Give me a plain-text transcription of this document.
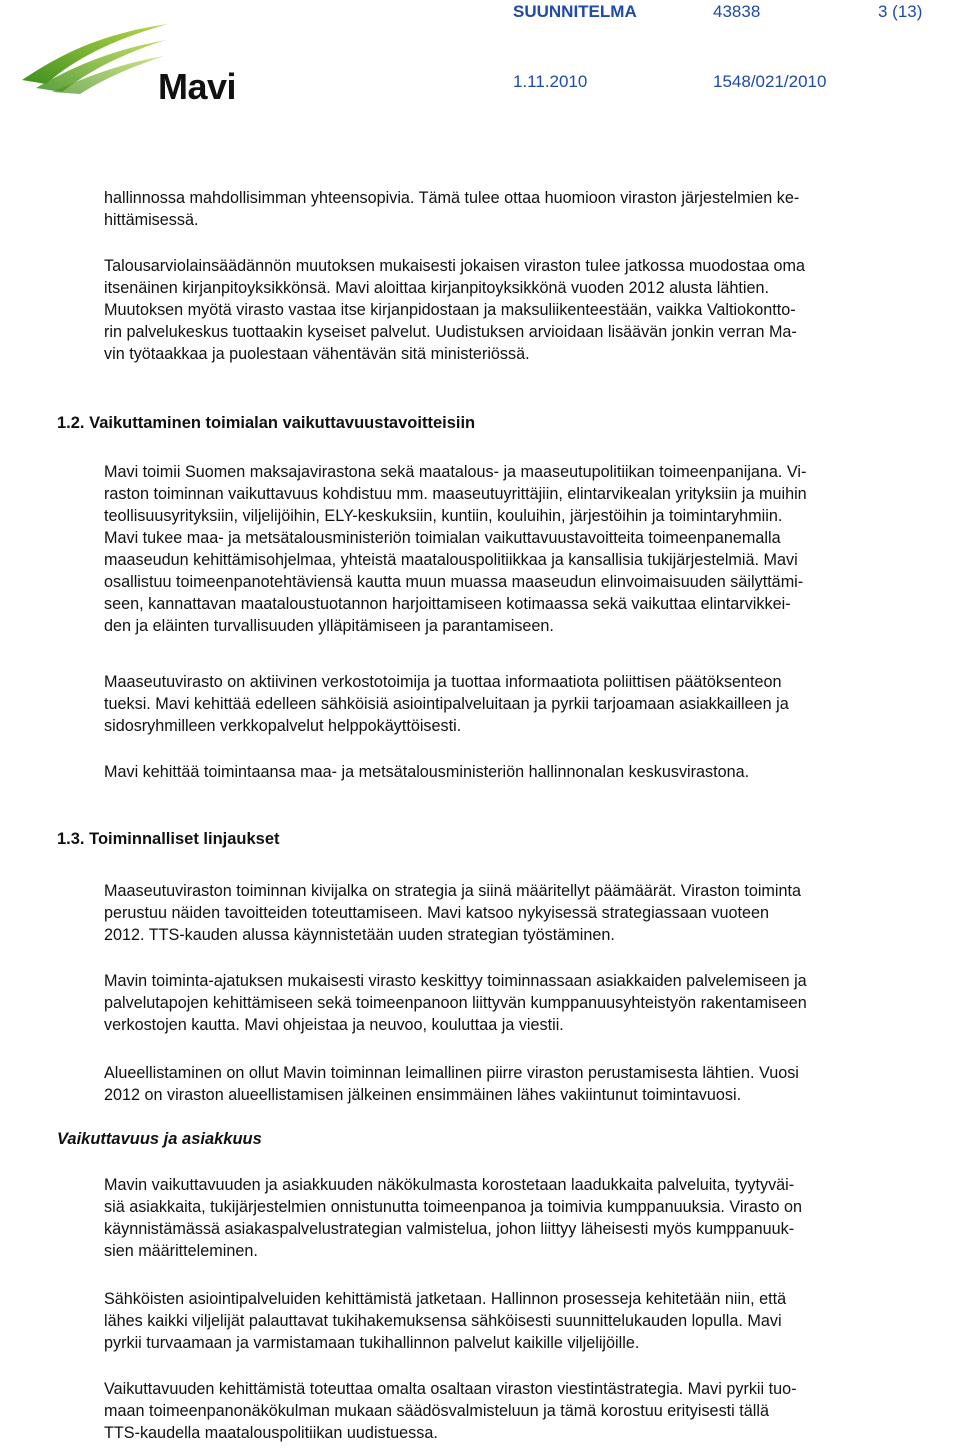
Mavi
SUUNNITELMA	43838	3 (13)
1.11.2010	1548/021/2010

hallinnossa mahdollisimman yhteensopivia. Tämä tulee ottaa huomioon viraston järjestelmien ke-
hittämisessä.

Talousarviolainsäädännön muutoksen mukaisesti jokaisen viraston tulee jatkossa muodostaa oma
itsenäinen kirjanpitoyksikkönsä. Mavi aloittaa kirjanpitoyksikkönä vuoden 2012 alusta lähtien.
Muutoksen myötä virasto vastaa itse kirjanpidostaan ja maksuliikenteestään, vaikka Valtiokontto-
rin palvelukeskus tuottaakin kyseiset palvelut. Uudistuksen arvioidaan lisäävän jonkin verran Ma-
vin työtaakkaa ja puolestaan vähentävän sitä ministeriössä.

1.2. Vaikuttaminen toimialan vaikuttavuustavoitteisiin

Mavi toimii Suomen maksajavirastona sekä maatalous- ja maaseutupolitiikan toimeenpanijana. Vi-
raston toiminnan vaikuttavuus kohdistuu mm. maaseutuyrittäjiin, elintarvikealan yrityksiin ja muihin
teollisuusyrityksiin, viljelijöihin, ELY-keskuksiin, kuntiin, kouluihin, järjestöihin ja toimintaryhmiin.
Mavi tukee maa- ja metsätalousministeriön toimialan vaikuttavuustavoitteita toimeenpanemalla
maaseudun kehittämisohjelmaa, yhteistä maatalouspolitiikkaa ja kansallisia tukijärjestelmiä. Mavi
osallistuu toimeenpanotehtäviensä kautta muun muassa maaseudun elinvoimaisuuden säilyttämi-
seen, kannattavan maataloustuotannon harjoittamiseen kotimaassa sekä vaikuttaa elintarvikkei-
den ja eläinten turvallisuuden ylläpitämiseen ja parantamiseen.

Maaseutuvirasto on aktiivinen verkostotoimija ja tuottaa informaatiota poliittisen päätöksenteon
tueksi. Mavi kehittää edelleen sähköisiä asiointipalveluitaan ja pyrkii tarjoamaan asiakkailleen ja
sidosryhmilleen verkkopalvelut helppokäyttöisesti.

Mavi kehittää toimintaansa maa- ja metsätalousministeriön hallinnonalan keskusvirastona.

1.3. Toiminnalliset linjaukset

Maaseutuviraston toiminnan kivijalka on strategia ja siinä määritellyt päämäärät. Viraston toiminta
perustuu näiden tavoitteiden toteuttamiseen. Mavi katsoo nykyisessä strategiassaan vuoteen
2012. TTS-kauden alussa käynnistetään uuden strategian työstäminen.

Mavin toiminta-ajatuksen mukaisesti virasto keskittyy toiminnassaan asiakkaiden palvelemiseen ja
palvelutapojen kehittämiseen sekä toimeenpanoon liittyvän kumppanuusyhteistyön rakentamiseen
verkostojen kautta. Mavi ohjeistaa ja neuvoo, kouluttaa ja viestii.

Alueellistaminen on ollut Mavin toiminnan leimallinen piirre viraston perustamisesta lähtien. Vuosi
2012 on viraston alueellistamisen jälkeinen ensimmäinen lähes vakiintunut toimintavuosi.

Vaikuttavuus ja asiakkuus

Mavin vaikuttavuuden ja asiakkuuden näkökulmasta korostetaan laadukkaita palveluita, tyytyväi-
siä asiakkaita, tukijärjestelmien onnistunutta toimeenpanoa ja toimivia kumppanuuksia. Virasto on
käynnistämässä asiakaspalvelustrategian valmistelua, johon liittyy läheisesti myös kumppanuuk-
sien määritteleminen.

Sähköisten asiointipalveluiden kehittämistä jatketaan. Hallinnon prosesseja kehitetään niin, että
lähes kaikki viljelijät palauttavat tukihakemuksensa sähköisesti suunnittelukauden lopulla. Mavi
pyrkii turvaamaan ja varmistamaan tukihallinnon palvelut kaikille viljelijöille.

Vaikuttavuuden kehittämistä toteuttaa omalta osaltaan viraston viestintästrategia. Mavi pyrkii tuo-
maan toimeenpanonäkökulman mukaan säädösvalmisteluun ja tämä korostuu erityisesti tällä
TTS-kaudella maatalouspolitiikan uudistuessa.
